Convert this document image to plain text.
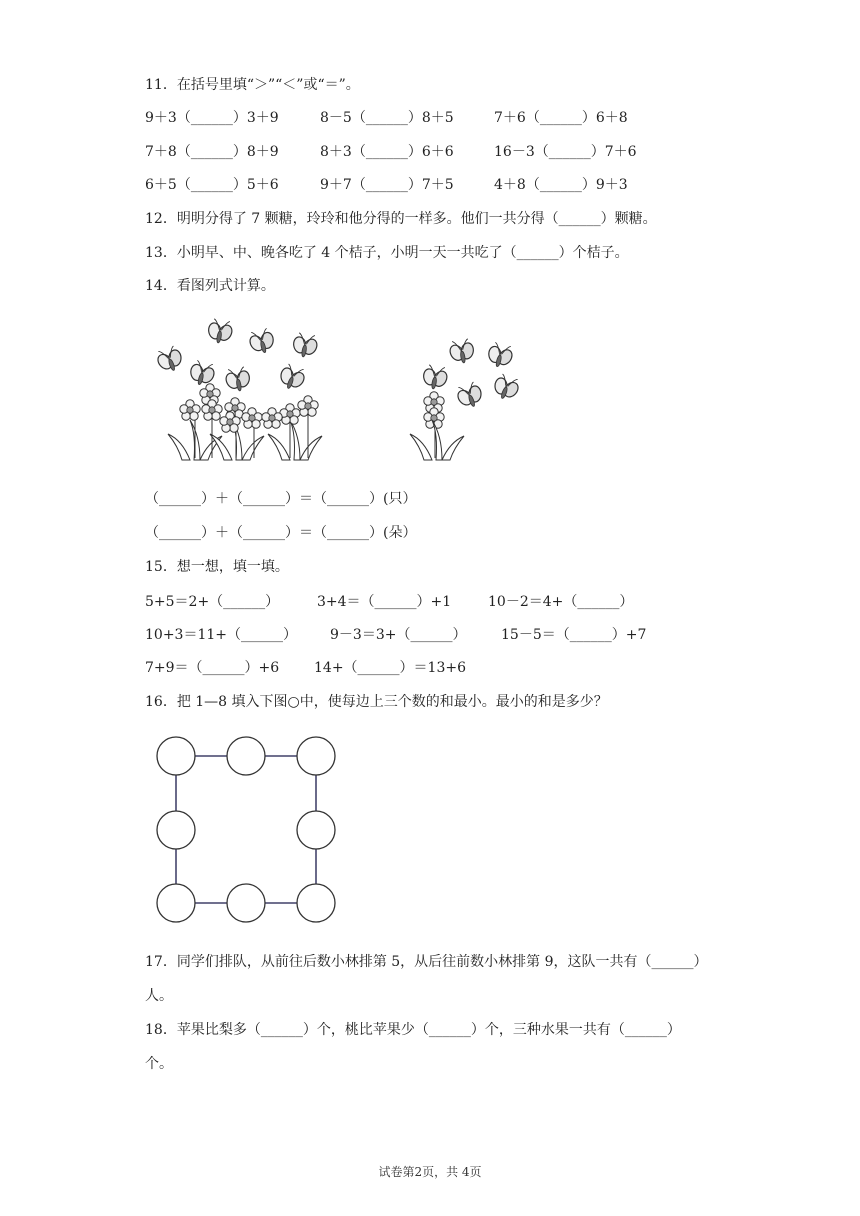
11．在括号里填“＞”“＜”或“＝”。
9＋3（______）3＋9	8－5（______）8＋5	7＋6（______）6＋8
7＋8（______）8＋9	8＋3（______）6＋6	16－3（______）7＋6
6＋5（______）5＋6	9＋7（______）7＋5	4＋8（______）9＋3
12．明明分得了 7 颗糖，玲玲和他分得的一样多。他们一共分得（______）颗糖。
13．小明早、中、晚各吃了 4 个桔子，小明一天一共吃了（______）个桔子。
14．看图列式计算。
（______）＋（______）＝（______）(只）
（______）＋（______）＝（______）(朵）
15．想一想，填一填。
5+5＝2+（______）	3+4＝（______）+1	10－2＝4+（______）
10+3＝11+（______） 9－3＝3+（______） 15－5＝（______）+7
7+9＝（______）+6 14+（______）＝13+6
16．把 1—8 填入下图○中，使每边上三个数的和最小。最小的和是多少？
17．同学们排队，从前往后数小林排第 5，从后往前数小林排第 9，这队一共有（______）
人。
18．苹果比梨多（______）个，桃比苹果少（______）个，三种水果一共有（______）
个。
试卷第2页，共 4页
